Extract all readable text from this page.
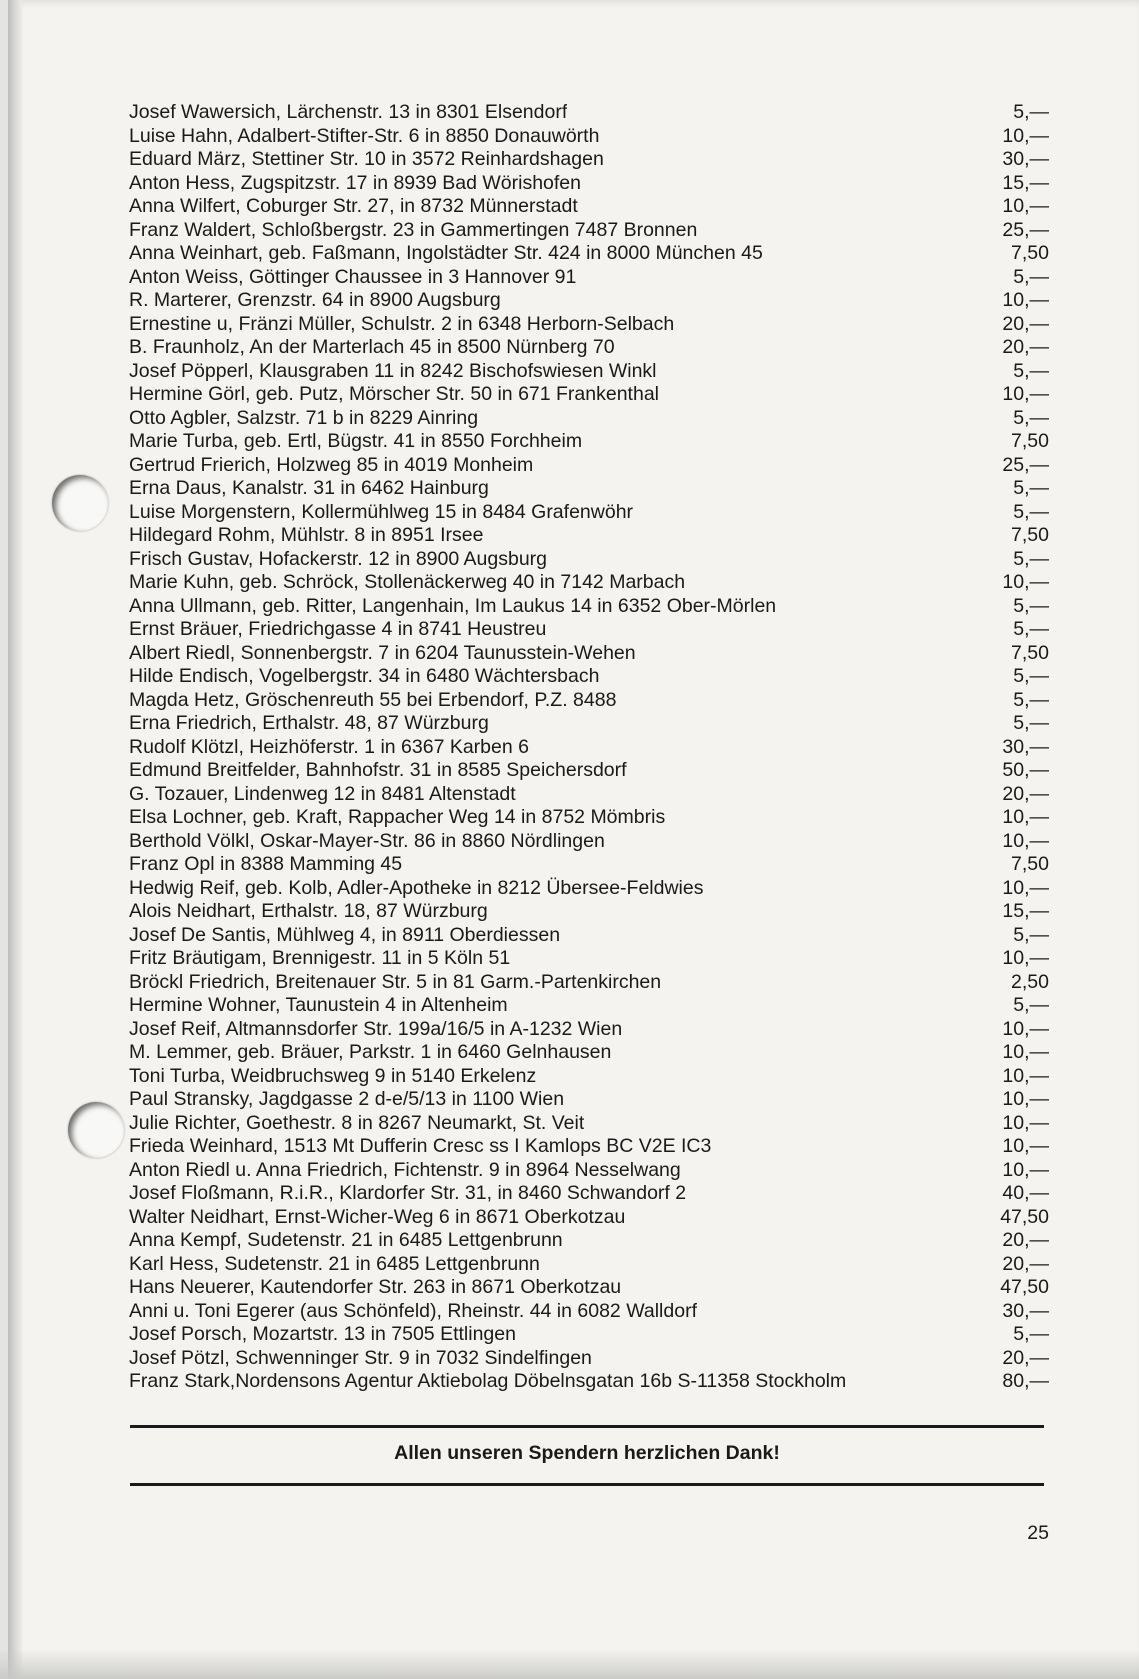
Josef Wawersich, Lärchenstr. 13 in 8301 Elsendorf	5,—
Luise Hahn, Adalbert-Stifter-Str. 6 in 8850 Donauwörth	10,—
Eduard März, Stettiner Str. 10 in 3572 Reinhardshagen	30,—
Anton Hess, Zugspitzstr. 17 in 8939 Bad Wörishofen	15,—
Anna Wilfert, Coburger Str. 27, in 8732 Münnerstadt	10,—
Franz Waldert, Schloßbergstr. 23 in Gammertingen 7487 Bronnen	25,—
Anna Weinhart, geb. Faßmann, Ingolstädter Str. 424 in 8000 München 45	7,50
Anton Weiss, Göttinger Chaussee in 3 Hannover 91	5,—
R. Marterer, Grenzstr. 64 in 8900 Augsburg	10,—
Ernestine u, Fränzi Müller, Schulstr. 2 in 6348 Herborn-Selbach	20,—
B. Fraunholz, An der Marterlach 45 in 8500 Nürnberg 70	20,—
Josef Pöpperl, Klausgraben 11 in 8242 Bischofswiesen Winkl	5,—
Hermine Görl, geb. Putz, Mörscher Str. 50 in 671 Frankenthal	10,—
Otto Agbler, Salzstr. 71 b in 8229 Ainring	5,—
Marie Turba, geb. Ertl, Bügstr. 41 in 8550 Forchheim	7,50
Gertrud Frierich, Holzweg 85 in 4019 Monheim	25,—
Erna Daus, Kanalstr. 31 in 6462 Hainburg	5,—
Luise Morgenstern, Kollermühlweg 15 in 8484 Grafenwöhr	5,—
Hildegard Rohm, Mühlstr. 8 in 8951 Irsee	7,50
Frisch Gustav, Hofackerstr. 12 in 8900 Augsburg	5,—
Marie Kuhn, geb. Schröck, Stollenäckerweg 40 in 7142 Marbach	10,—
Anna Ullmann, geb. Ritter, Langenhain, Im Laukus 14 in 6352 Ober-Mörlen	5,—
Ernst Bräuer, Friedrichgasse 4 in 8741 Heustreu	5,—
Albert Riedl, Sonnenbergstr. 7 in 6204 Taunusstein-Wehen	7,50
Hilde Endisch, Vogelbergstr. 34 in 6480 Wächtersbach	5,—
Magda Hetz, Gröschenreuth 55 bei Erbendorf, P.Z. 8488	5,—
Erna Friedrich, Erthalstr. 48, 87 Würzburg	5,—
Rudolf Klötzl, Heizhöferstr. 1 in 6367 Karben 6	30,—
Edmund Breitfelder, Bahnhofstr. 31 in 8585 Speichersdorf	50,—
G. Tozauer, Lindenweg 12 in 8481 Altenstadt	20,—
Elsa Lochner, geb. Kraft, Rappacher Weg 14 in 8752 Mömbris	10,—
Berthold Völkl, Oskar-Mayer-Str. 86 in 8860 Nördlingen	10,—
Franz Opl in 8388 Mamming 45	7,50
Hedwig Reif, geb. Kolb, Adler-Apotheke in 8212 Übersee-Feldwies	10,—
Alois Neidhart, Erthalstr. 18, 87 Würzburg	15,—
Josef De Santis, Mühlweg 4, in 8911 Oberdiessen	5,—
Fritz Bräutigam, Brennigestr. 11 in 5 Köln 51	10,—
Bröckl Friedrich, Breitenauer Str. 5 in 81 Garm.-Partenkirchen	2,50
Hermine Wohner, Taunustein 4 in Altenheim	5,—
Josef Reif, Altmannsdorfer Str. 199a/16/5 in A-1232 Wien	10,—
M. Lemmer, geb. Bräuer, Parkstr. 1 in 6460 Gelnhausen	10,—
Toni Turba, Weidbruchsweg 9 in 5140 Erkelenz	10,—
Paul Stransky, Jagdgasse 2 d-e/5/13 in 1100 Wien	10,—
Julie Richter, Goethestr. 8 in 8267 Neumarkt, St. Veit	10,—
Frieda Weinhard, 1513 Mt Dufferin Cresc ss I Kamlops BC V2E IC3	10,—
Anton Riedl u. Anna Friedrich, Fichtenstr. 9 in 8964 Nesselwang	10,—
Josef Floßmann, R.i.R., Klardorfer Str. 31, in 8460 Schwandorf 2	40,—
Walter Neidhart, Ernst-Wicher-Weg 6 in 8671 Oberkotzau	47,50
Anna Kempf, Sudetenstr. 21 in 6485 Lettgenbrunn	20,—
Karl Hess, Sudetenstr. 21 in 6485 Lettgenbrunn	20,—
Hans Neuerer, Kautendorfer Str. 263 in 8671 Oberkotzau	47,50
Anni u. Toni Egerer (aus Schönfeld), Rheinstr. 44 in 6082 Walldorf	30,—
Josef Porsch, Mozartstr. 13 in 7505 Ettlingen	5,—
Josef Pötzl, Schwenninger Str. 9 in 7032 Sindelfingen	20,—
Franz Stark,Nordensons Agentur Aktiebolag Döbelnsgatan 16b S-11358 Stockholm	80,—
Allen unseren Spendern herzlichen Dank!
25
